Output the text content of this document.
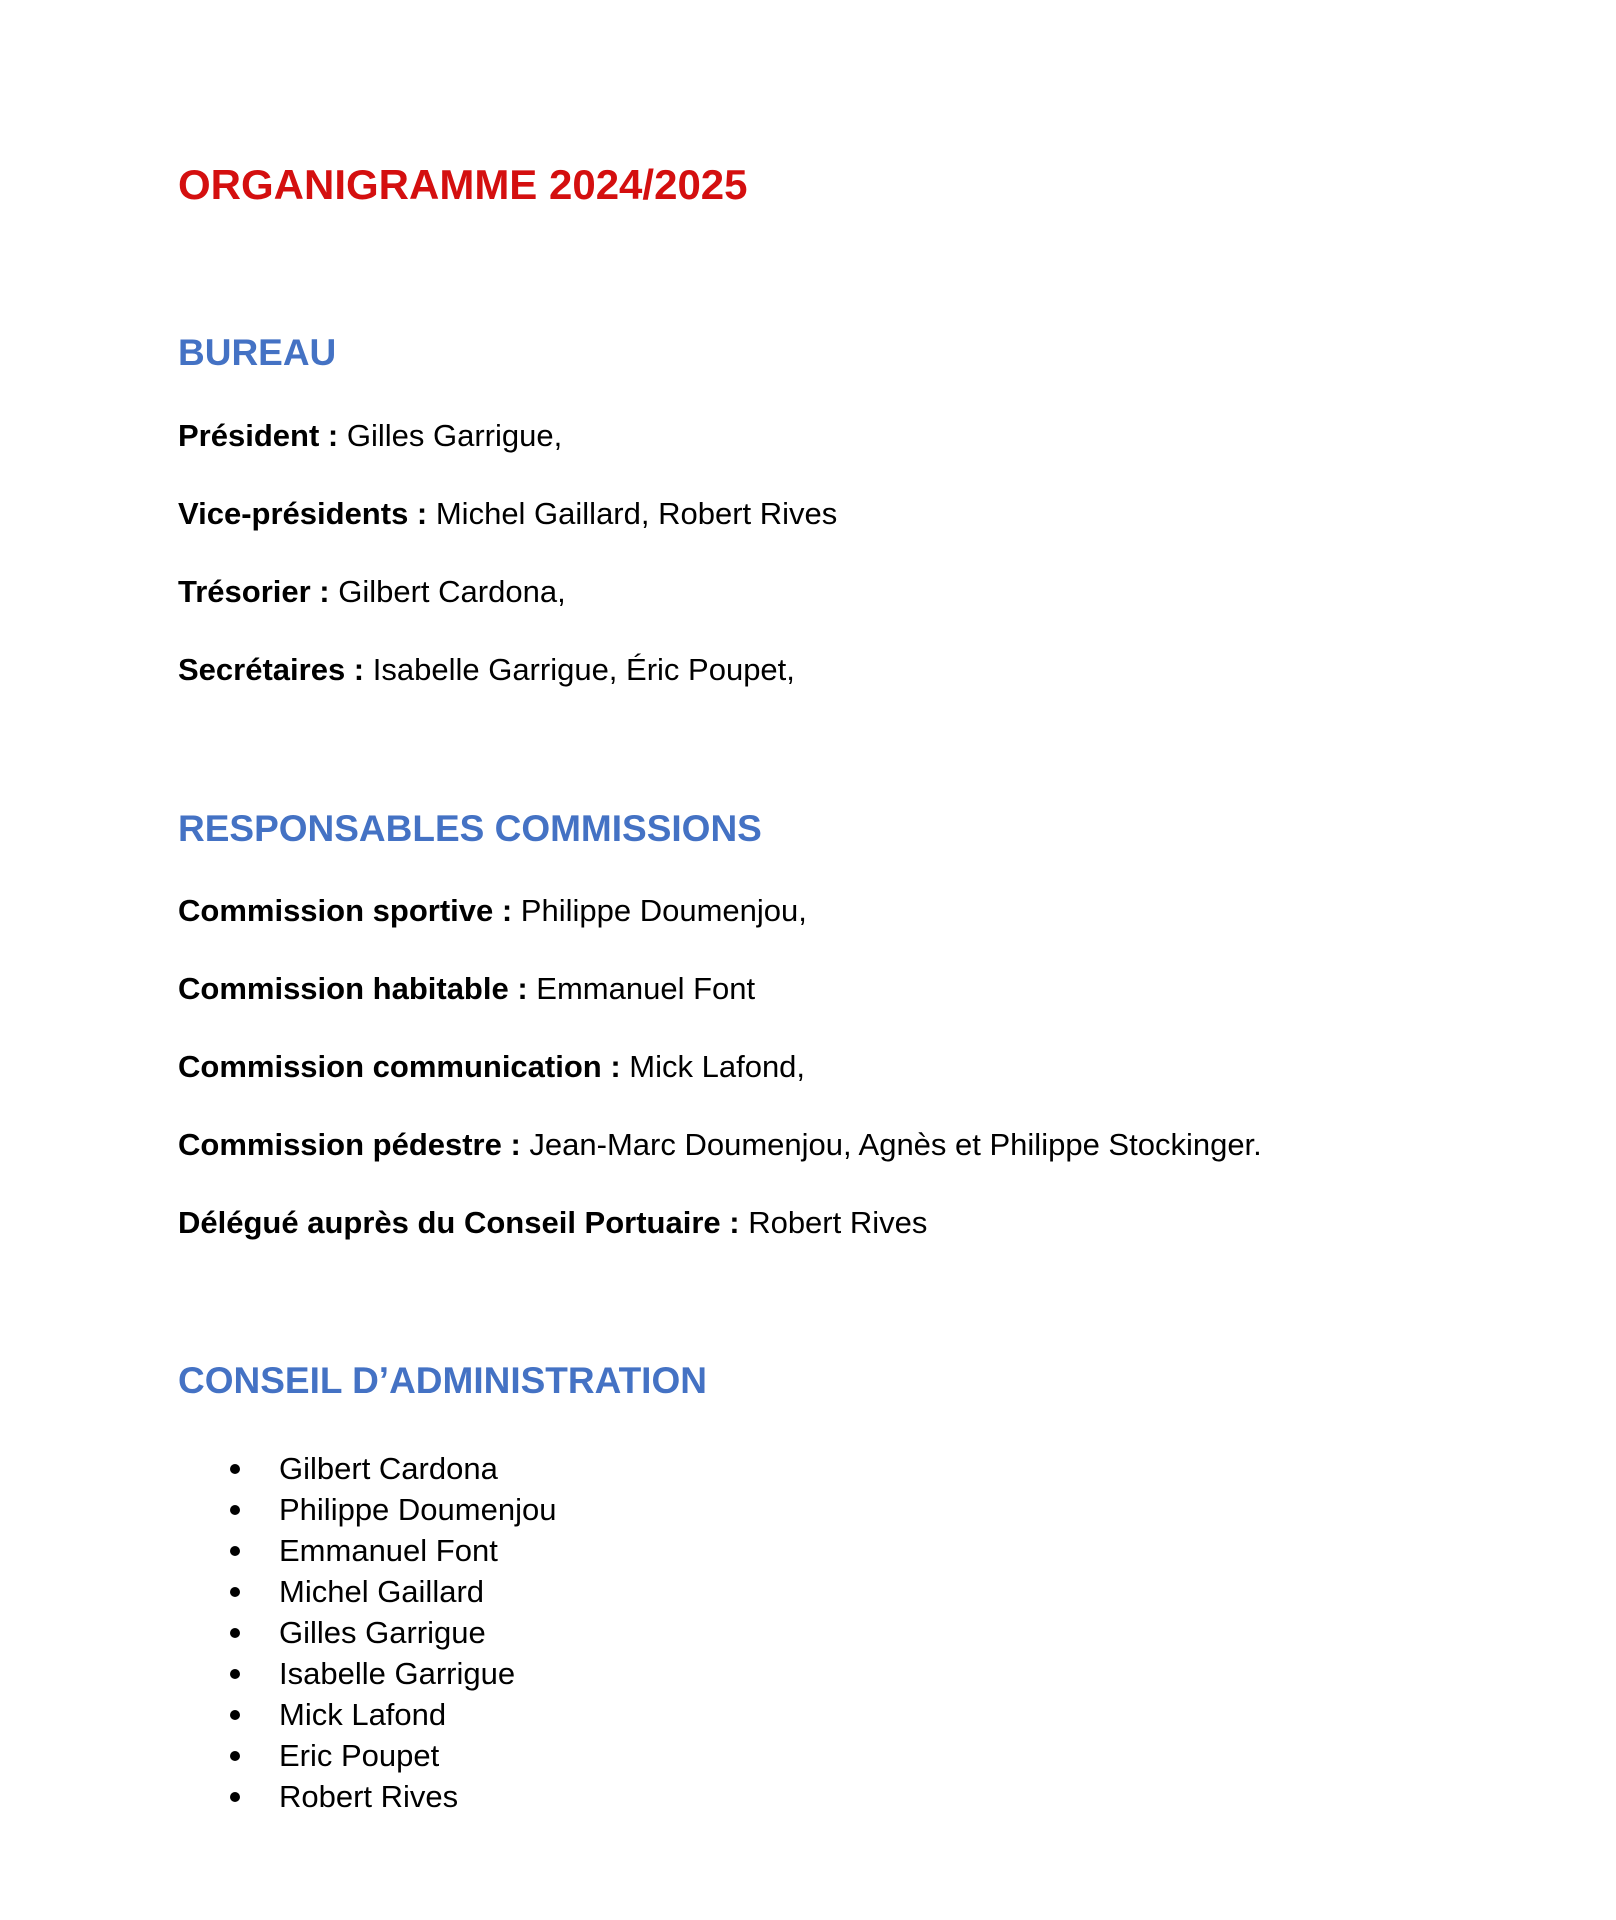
ORGANIGRAMME 2024/2025
BUREAU

Président : Gilles Garrigue,

Vice-présidents : Michel Gaillard, Robert Rives

Trésorier : Gilbert Cardona,

Secrétaires : Isabelle Garrigue, Éric Poupet,

RESPONSABLES COMMISSIONS

Commission sportive : Philippe Doumenjou,

Commission habitable : Emmanuel Font

Commission communication : Mick Lafond,

Commission pédestre : Jean-Marc Doumenjou, Agnès et Philippe Stockinger.

Délégué auprès du Conseil Portuaire : Robert Rives

CONSEIL D’ADMINISTRATION
Gilbert Cardona
Philippe Doumenjou
Emmanuel Font
Michel Gaillard
Gilles Garrigue
Isabelle Garrigue
Mick Lafond
Eric Poupet
Robert Rives
